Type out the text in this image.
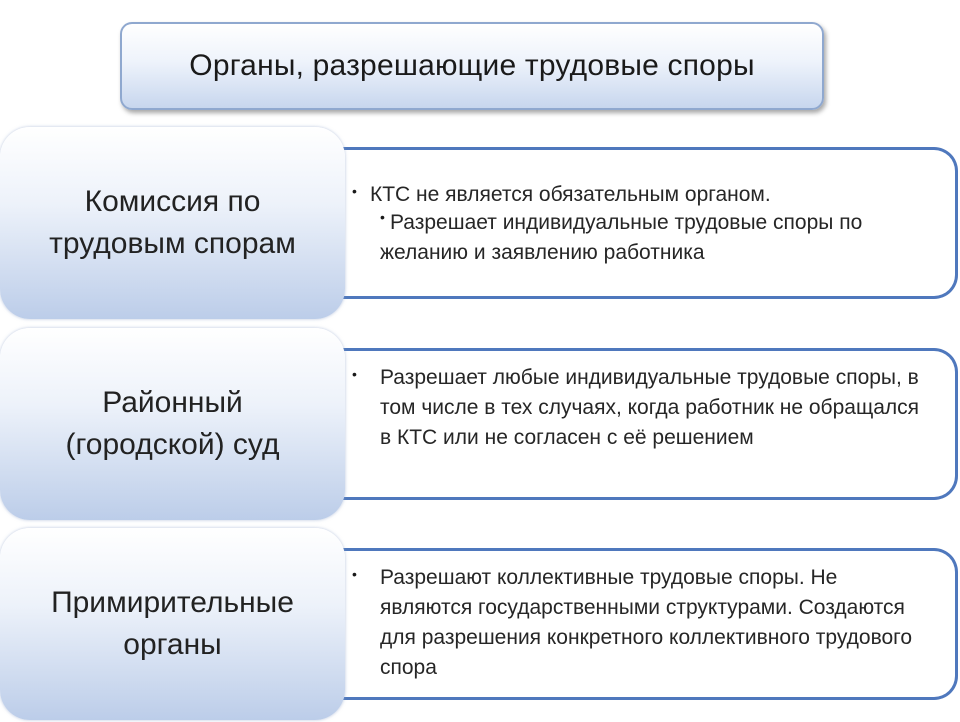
Органы, разрешающие трудовые споры
Комиссия по трудовым спорам
• КТС не является обязательным органом.
• Разрешает индивидуальные трудовые споры по желанию и заявлению работника
Районный (городской) суд
• Разрешает любые индивидуальные трудовые споры, в том числе в тех случаях, когда работник не обращался в КТС или не согласен с её решением
Примирительные органы
• Разрешают коллективные трудовые споры. Не являются государственными структурами. Создаются для разрешения конкретного коллективного трудового спора
